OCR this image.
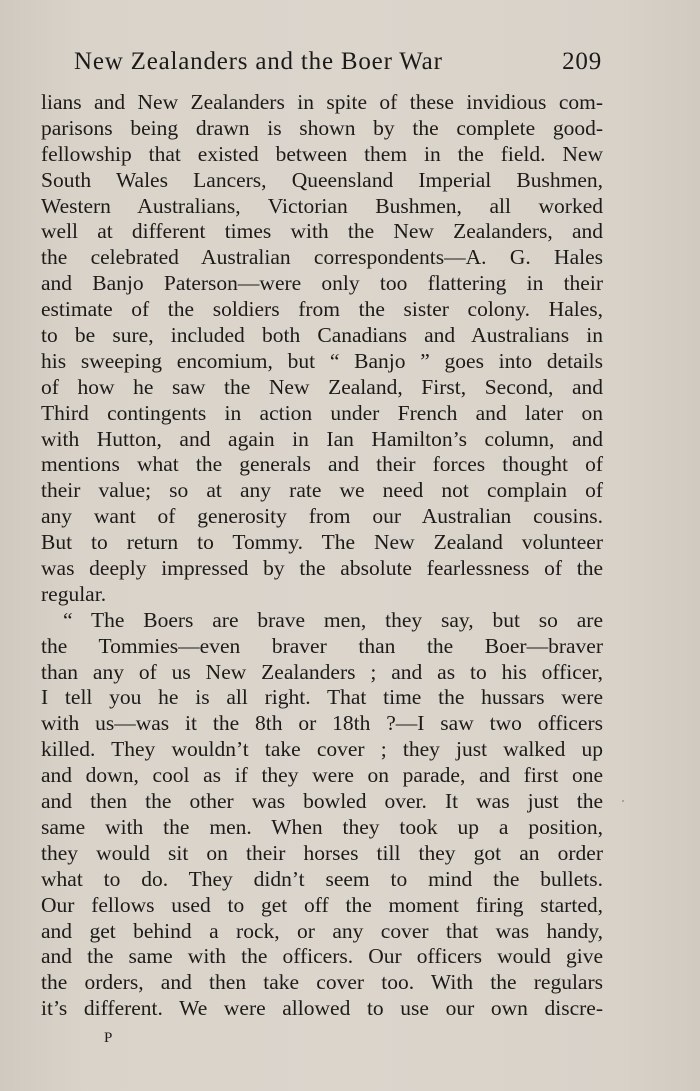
New Zealanders and the Boer War	209
lians and New Zealanders in spite of these invidious com-
parisons being drawn is shown by the complete good-
fellowship that existed between them in the field. New
South Wales Lancers, Queensland Imperial Bushmen,
Western Australians, Victorian Bushmen, all worked
well at different times with the New Zealanders, and
the celebrated Australian correspondents—A. G. Hales
and Banjo Paterson—were only too flattering in their
estimate of the soldiers from the sister colony. Hales,
to be sure, included both Canadians and Australians in
his sweeping encomium, but “ Banjo ” goes into details
of how he saw the New Zealand, First, Second, and
Third contingents in action under French and later on
with Hutton, and again in Ian Hamilton’s column, and
mentions what the generals and their forces thought of
their value; so at any rate we need not complain of
any want of generosity from our Australian cousins.
But to return to Tommy. The New Zealand volunteer
was deeply impressed by the absolute fearlessness of the
regular.
“ The Boers are brave men, they say, but so are
the Tommies—even braver than the Boer—braver
than any of us New Zealanders ; and as to his officer,
I tell you he is all right. That time the hussars were
with us—was it the 8th or 18th ?—I saw two officers
killed. They wouldn’t take cover ; they just walked up
and down, cool as if they were on parade, and first one
and then the other was bowled over. It was just the
same with the men. When they took up a position,
they would sit on their horses till they got an order
what to do. They didn’t seem to mind the bullets.
Our fellows used to get off the moment firing started,
and get behind a rock, or any cover that was handy,
and the same with the officers. Our officers would give
the orders, and then take cover too. With the regulars
it’s different. We were allowed to use our own discre-
P
